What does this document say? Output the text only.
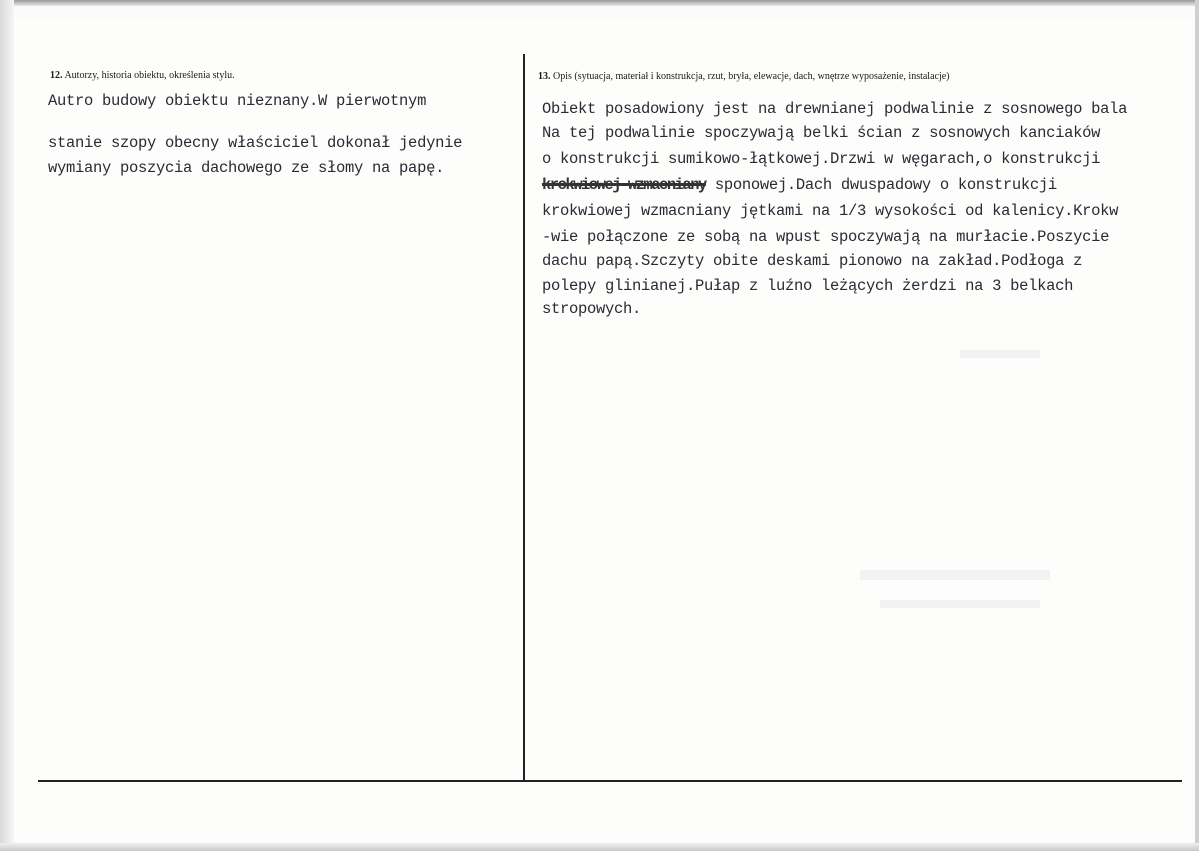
12. Autorzy, historia obiektu, określenia stylu.	13. Opis (sytuacja, materiał i konstrukcja, rzut, bryła, elewacje, dach, wnętrze wyposażenie, instalacje)
Autro budowy obiektu nieznany.W pierwotnym
stanie szopy obecny właściciel dokonał jedynie
wymiany poszycia dachowego ze słomy na papę.
Obiekt posadowiony jest na drewnianej podwalinie z sosnowego bala
Na tej podwalinie spoczywają belki ścian z sosnowych kanciaków
o konstrukcji sumikowo-łątkowej.Drzwi w węgarach,o konstrukcji
krokwiowej wzmacniany sponowej.Dach dwuspadowy o konstrukcji
krokwiowej wzmacniany jętkami na 1/3 wysokości od kalenicy.Krokw
-wie połączone ze sobą na wpust spoczywają na murłacie.Poszycie
dachu papą.Szczyty obite deskami pionowo na zakład.Podłoga z
polepy glinianej.Pułap z luźno leżących żerdzi na 3 belkach
stropowych.
